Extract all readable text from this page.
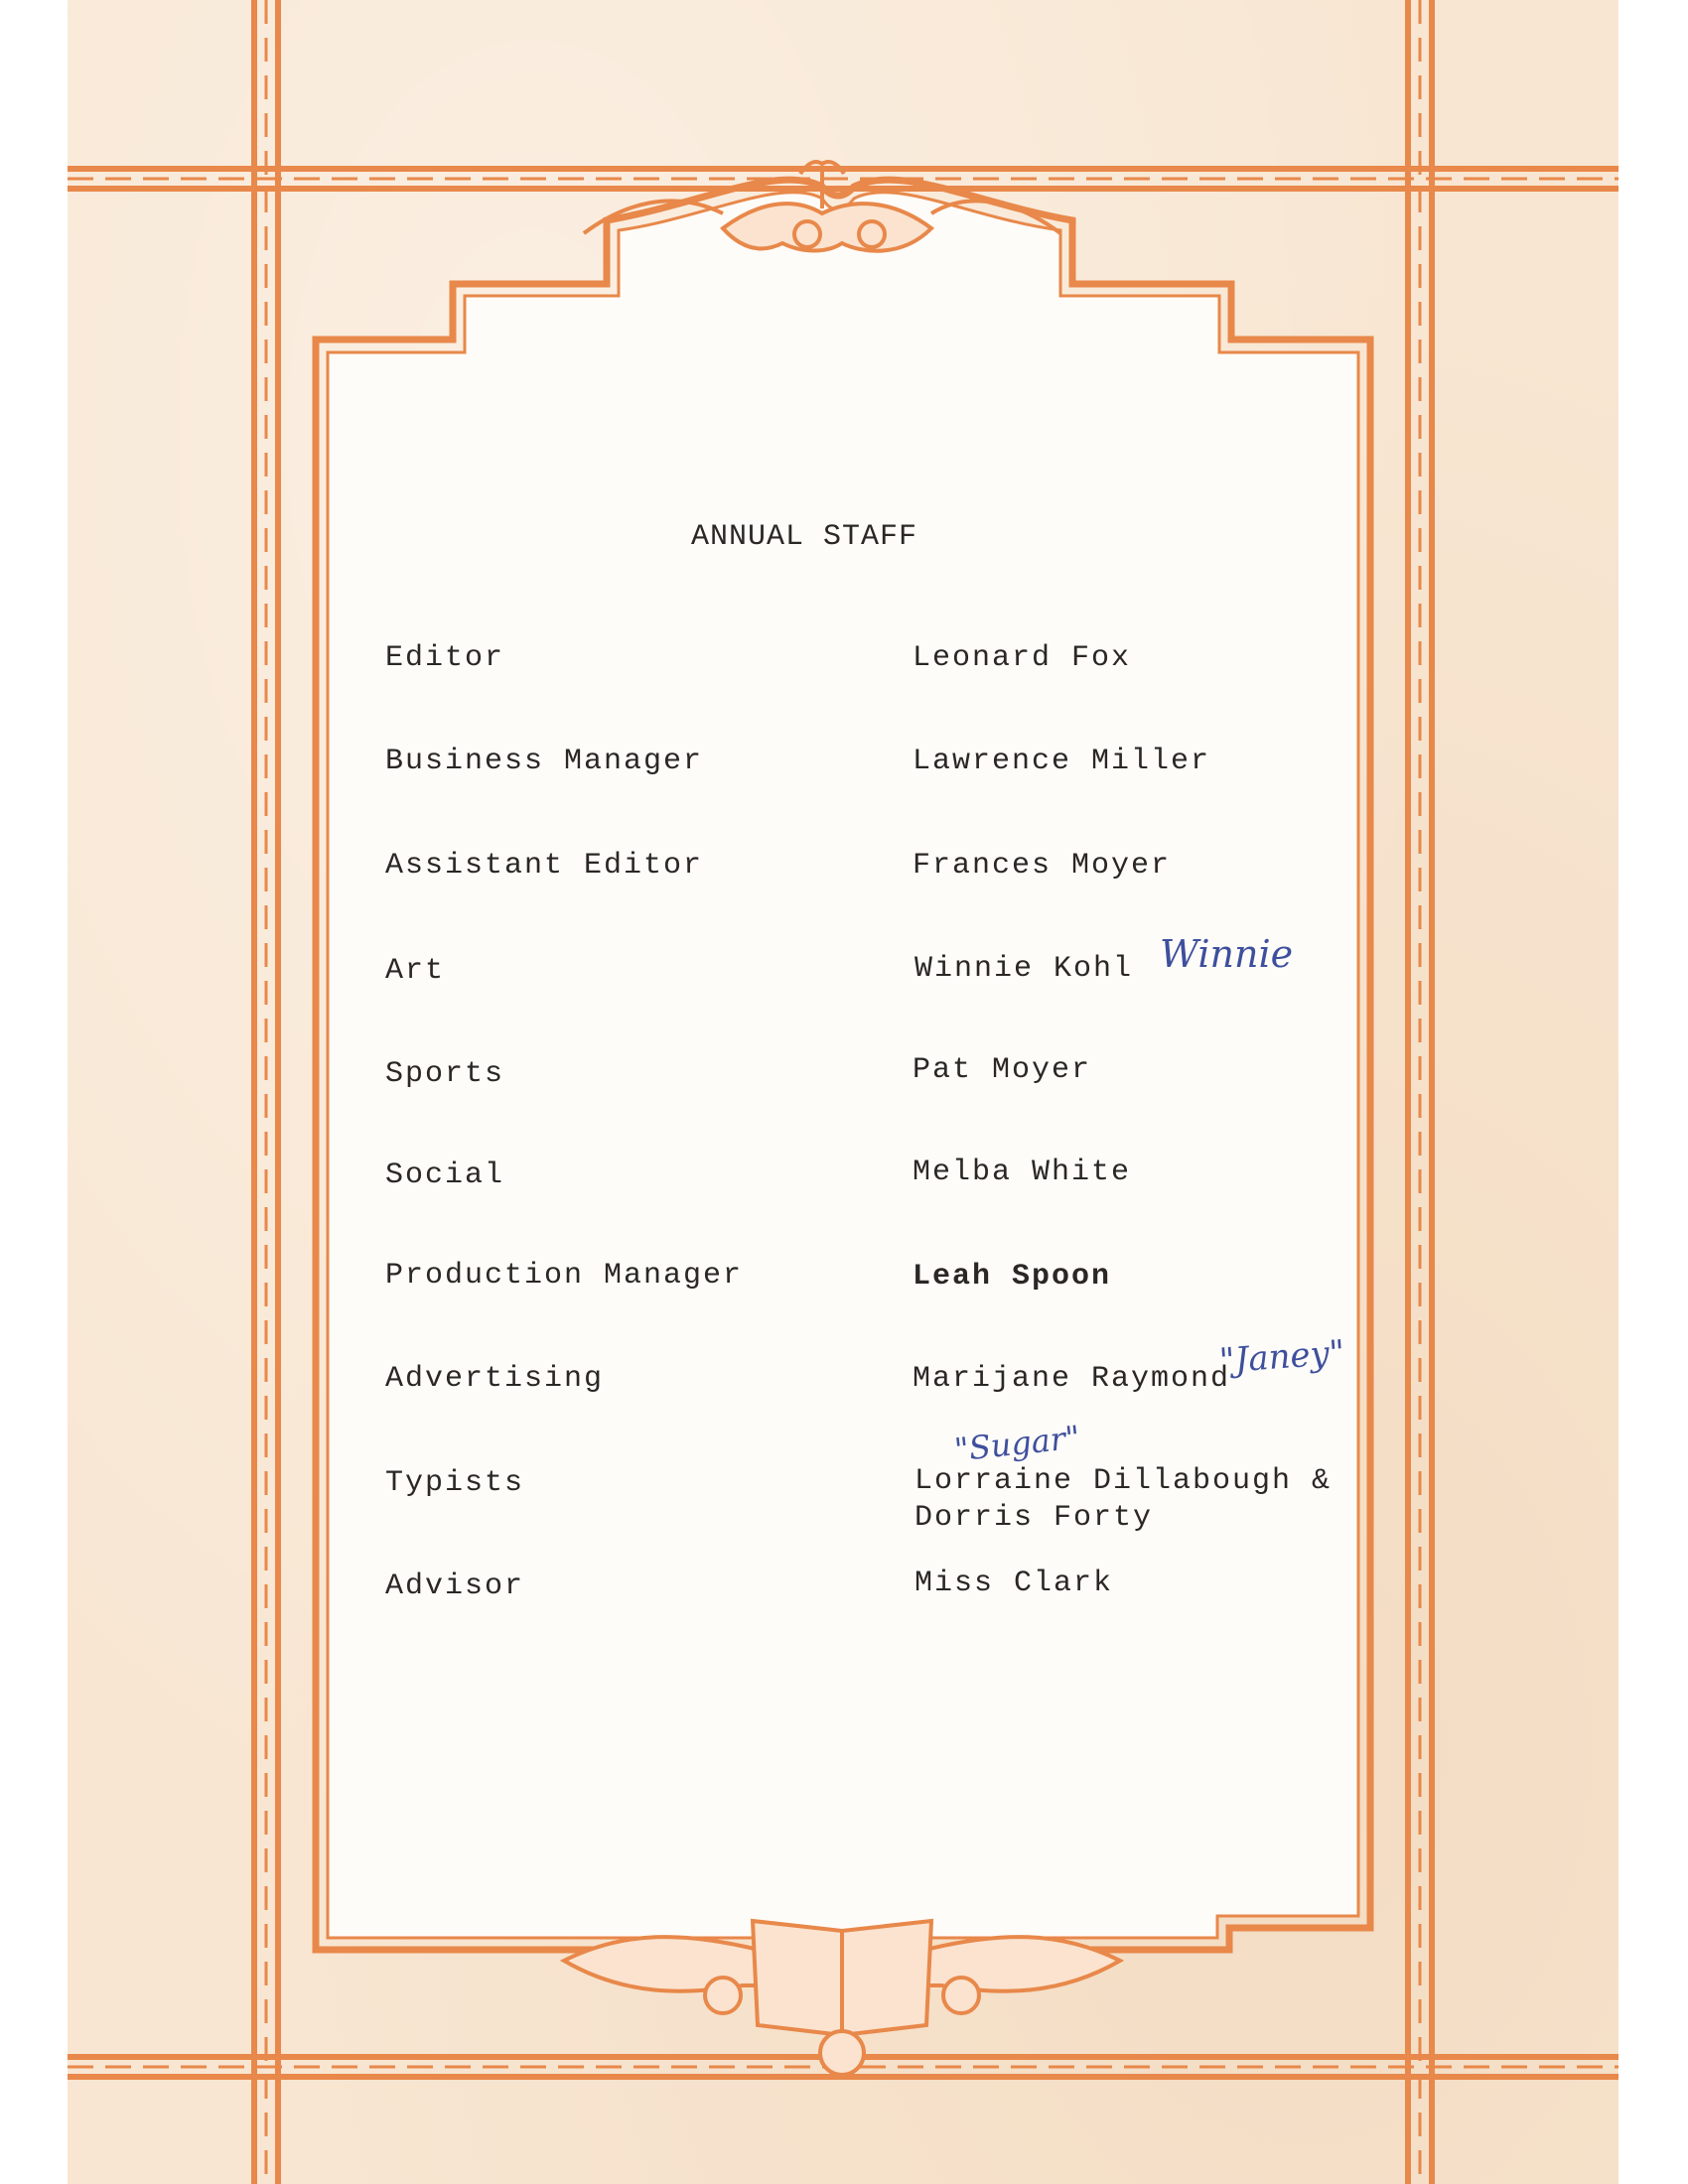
ANNUAL STAFF
Editor
Business Manager
Assistant Editor
Art
Sports
Social
Production Manager
Advertising
Typists
Advisor
Leonard Fox
Lawrence Miller
Frances Moyer
Winnie Kohl
Pat Moyer
Melba White
Leah Spoon
Marijane Raymond
Lorraine Dillabough &
Dorris Forty
Miss Clark
Winnie
"Janey"
"Sugar"
